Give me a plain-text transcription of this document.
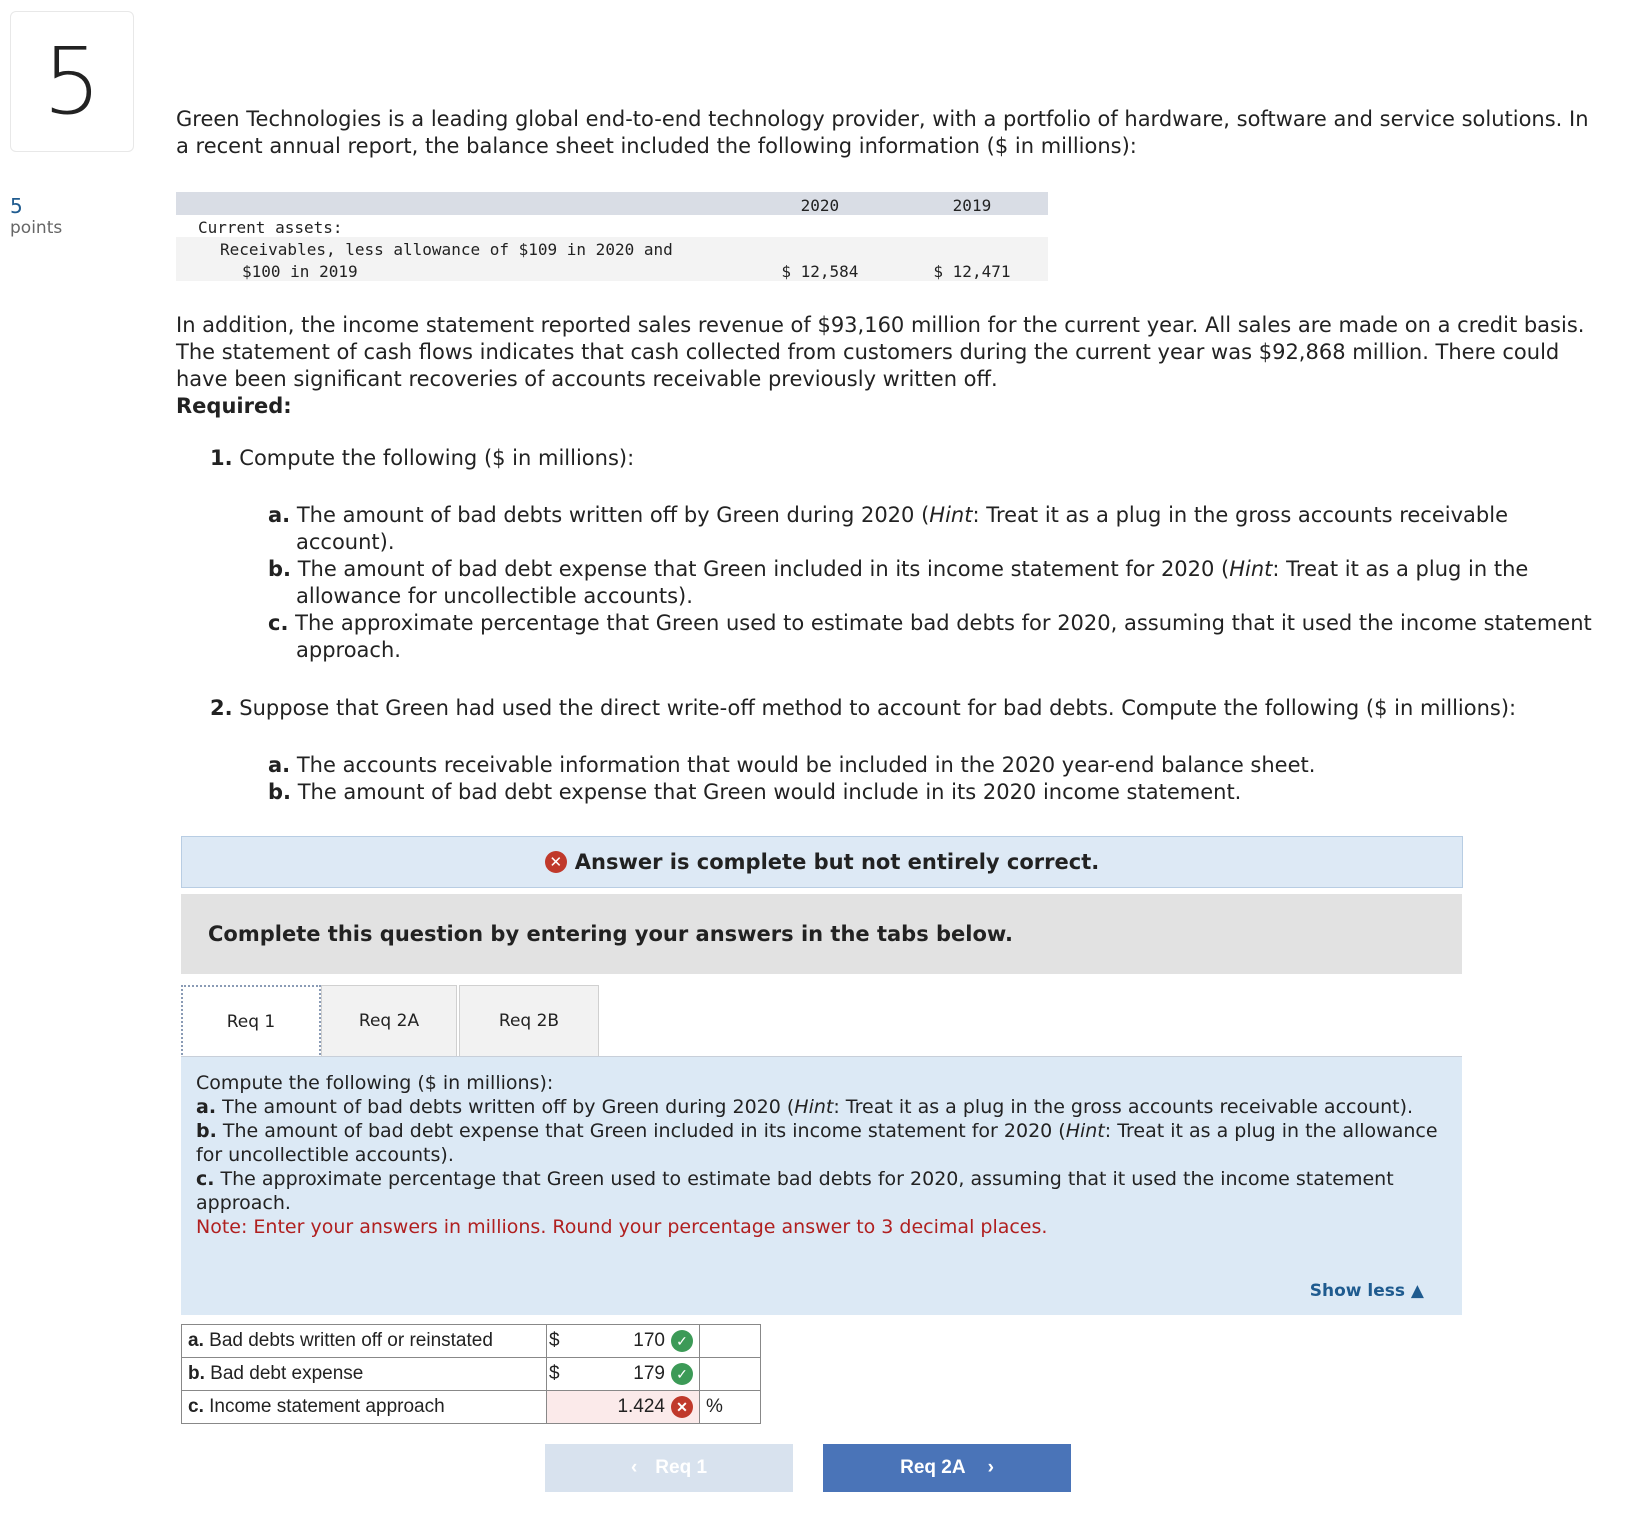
5
5
points

Green Technologies is a leading global end-to-end technology provider, with a portfolio of hardware, software and service solutions. In a recent annual report, the balance sheet included the following information ($ in millions):

	2020	2019
Current assets:		
Receivables, less allowance of $109 in 2020 and		
$100 in 2019	$ 12,584	$ 12,471
In addition, the income statement reported sales revenue of $93,160 million for the current year. All sales are made on a credit basis. The statement of cash flows indicates that cash collected from customers during the current year was $92,868 million. There could have been significant recoveries of accounts receivable previously written off.
Required:
1. Compute the following ($ in millions):

a. The amount of bad debts written off by Green during 2020 (Hint: Treat it as a plug in the gross accounts receivable account).

b. The amount of bad debt expense that Green included in its income statement for 2020 (Hint: Treat it as a plug in the allowance for uncollectible accounts).

c. The approximate percentage that Green used to estimate bad debts for 2020, assuming that it used the income statement approach.

2. Suppose that Green had used the direct write-off method to account for bad debts. Compute the following ($ in millions):

a. The accounts receivable information that would be included in the 2020 year-end balance sheet.

b. The amount of bad debt expense that Green would include in its 2020 income statement.

✕ Answer is complete but not entirely correct.
Complete this question by entering your answers in the tabs below.
Req 1	Req 2A	Req 2B

Compute the following ($ in millions):

a. The amount of bad debts written off by Green during 2020 (Hint: Treat it as a plug in the gross accounts receivable account).

b. The amount of bad debt expense that Green included in its income statement for 2020 (Hint: Treat it as a plug in the allowance for uncollectible accounts).

c. The approximate percentage that Green used to estimate bad debts for 2020, assuming that it used the income statement approach.

Note: Enter your answers in millions. Round your percentage answer to 3 decimal places.

Show less ▲
a. Bad debts written off or reinstated	$	170 ✓	
b. Bad debt expense	$	179 ✓	
c. Income statement approach		1.424 ✕	%
‹ Req 1	Req 2A ›
